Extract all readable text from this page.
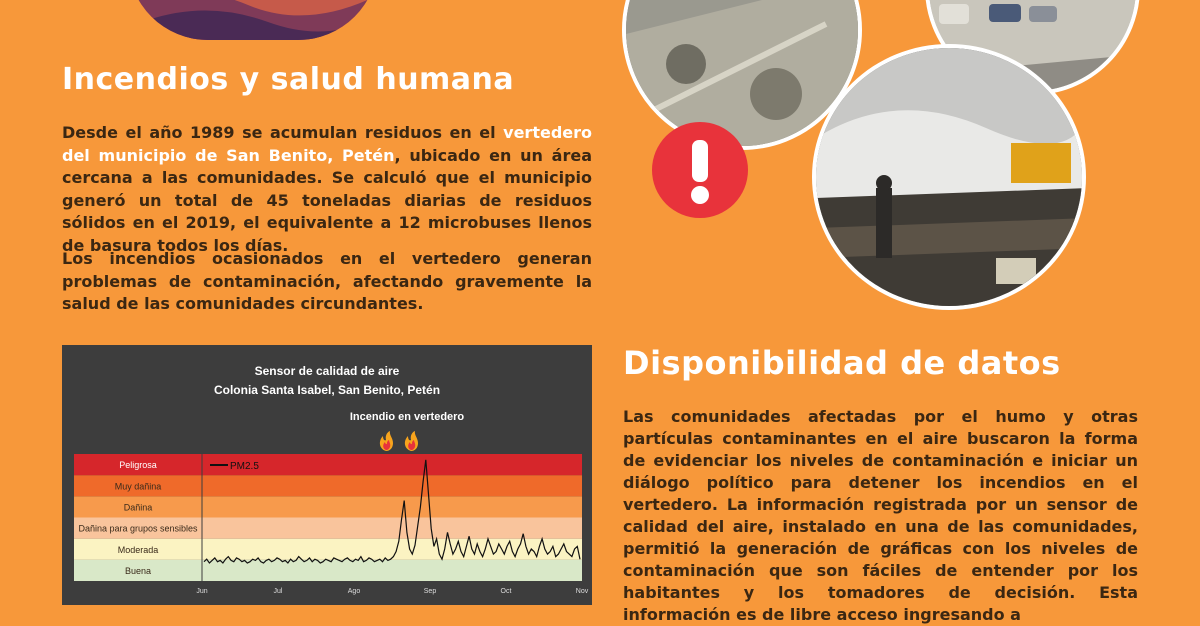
Incendios y salud humana

Desde el año 1989 se acumulan residuos en el vertedero del municipio de San Benito, Petén, ubicado en un área cercana a las comunidades. Se calculó que el municipio generó un total de 45 toneladas diarias de residuos sólidos en el 2019, el equivalente a 12 microbuses llenos de basura todos los días.

Los incendios ocasionados en el vertedero generan problemas de contaminación, afectando gravemente la salud de las comunidades circundantes.

Sensor de calidad de aire
Colonia Santa Isabel, San Benito, Petén
Incendio en vertedero
Buena
Moderada
Dañina para grupos sensibles
Dañina
Muy dañina
Peligrosa	PM2.5
Jun	Jul	Ago	Sep	Oct	Nov
Disponibilidad de datos

Las comunidades afectadas por el humo y otras partículas contaminantes en el aire buscaron la forma de evidenciar los niveles de contaminación e iniciar un diálogo político para detener los incendios en el vertedero. La información registrada por un sensor de calidad del aire, instalado en una de las comunidades, permitió la generación de gráficas con los niveles de contaminación que son fáciles de entender por los habitantes y los tomadores de decisión. Esta información es de libre acceso ingresando a
